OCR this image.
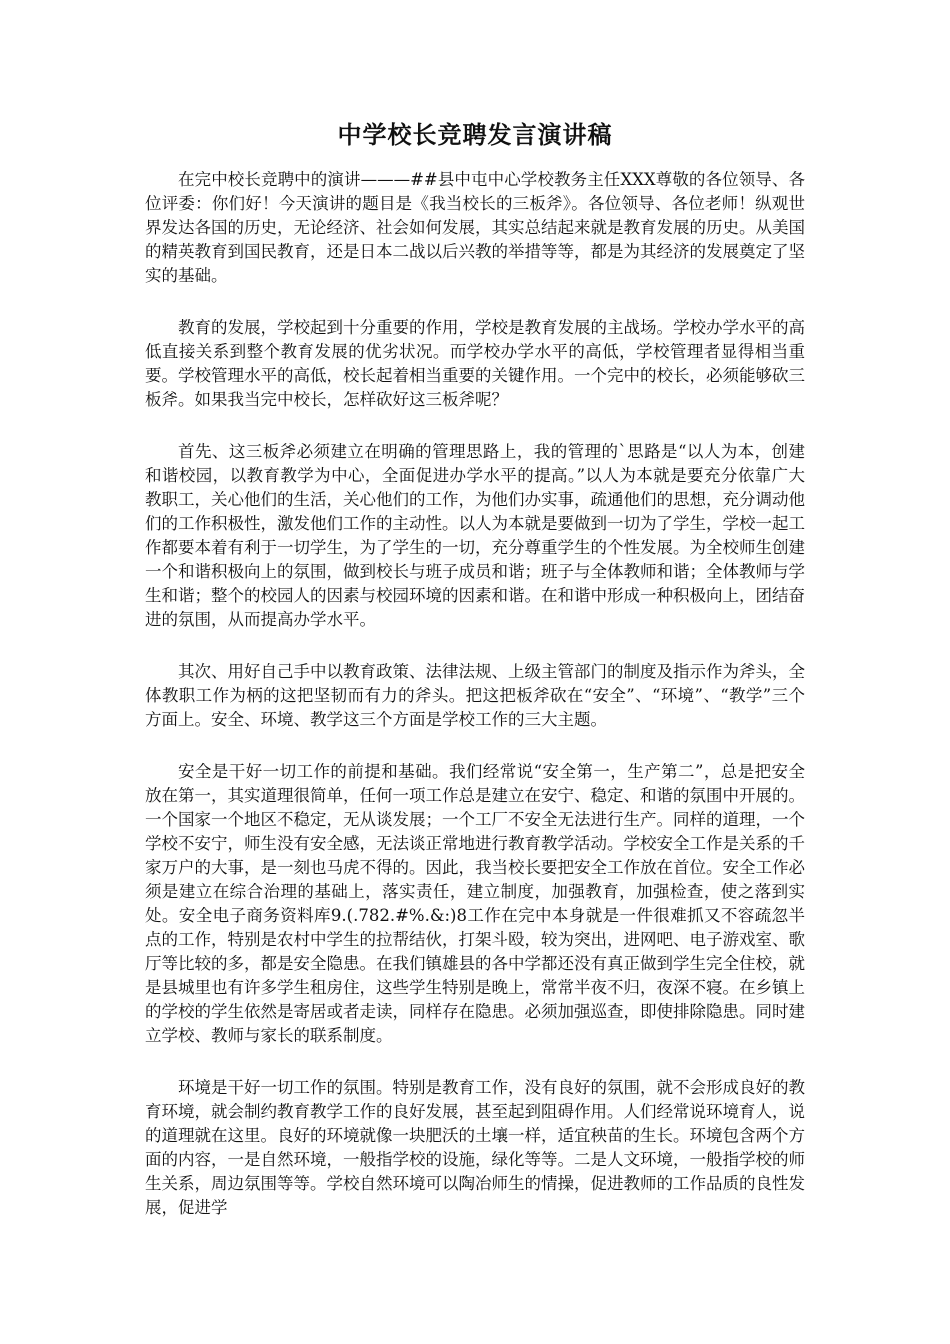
中学校长竞聘发言演讲稿

在完中校长竞聘中的演讲———##县中屯中心学校教务主任XXX尊敬的各位领导、各位评委：你们好！今天演讲的题目是《我当校长的三板斧》。各位领导、各位老师！纵观世界发达各国的历史，无论经济、社会如何发展，其实总结起来就是教育发展的历史。从美国的精英教育到国民教育，还是日本二战以后兴教的举措等等，都是为其经济的发展奠定了坚实的基础。

教育的发展，学校起到十分重要的作用，学校是教育发展的主战场。学校办学水平的高低直接关系到整个教育发展的优劣状况。而学校办学水平的高低，学校管理者显得相当重要。学校管理水平的高低，校长起着相当重要的关键作用。一个完中的校长，必须能够砍三板斧。如果我当完中校长，怎样砍好这三板斧呢？

首先、这三板斧必须建立在明确的管理思路上，我的管理的`思路是“以人为本，创建和谐校园，以教育教学为中心，全面促进办学水平的提高。”以人为本就是要充分依靠广大教职工，关心他们的生活，关心他们的工作，为他们办实事，疏通他们的思想，充分调动他们的工作积极性，激发他们工作的主动性。以人为本就是要做到一切为了学生，学校一起工作都要本着有利于一切学生，为了学生的一切，充分尊重学生的个性发展。为全校师生创建一个和谐积极向上的氛围，做到校长与班子成员和谐；班子与全体教师和谐；全体教师与学生和谐；整个的校园人的因素与校园环境的因素和谐。在和谐中形成一种积极向上，团结奋进的氛围，从而提高办学水平。

其次、用好自己手中以教育政策、法律法规、上级主管部门的制度及指示作为斧头，全体教职工作为柄的这把坚韧而有力的斧头。把这把板斧砍在“安全”、“环境”、“教学”三个方面上。安全、环境、教学这三个方面是学校工作的三大主题。

安全是干好一切工作的前提和基础。我们经常说“安全第一，生产第二”，总是把安全放在第一，其实道理很简单，任何一项工作总是建立在安宁、稳定、和谐的氛围中开展的。一个国家一个地区不稳定，无从谈发展；一个工厂不安全无法进行生产。同样的道理，一个学校不安宁，师生没有安全感，无法谈正常地进行教育教学活动。学校安全工作是关系的千家万户的大事，是一刻也马虎不得的。因此，我当校长要把安全工作放在首位。安全工作必须是建立在综合治理的基础上，落实责任，建立制度，加强教育，加强检查，使之落到实处。安全电子商务资料库9.(.782.#%.&:)8工作在完中本身就是一件很难抓又不容疏忽半点的工作，特别是农村中学生的拉帮结伙，打架斗殴，较为突出，进网吧、电子游戏室、歌厅等比较的多，都是安全隐患。在我们镇雄县的各中学都还没有真正做到学生完全住校，就是县城里也有许多学生租房住，这些学生特别是晚上，常常半夜不归，夜深不寝。在乡镇上的学校的学生依然是寄居或者走读，同样存在隐患。必须加强巡查，即使排除隐患。同时建立学校、教师与家长的联系制度。

环境是干好一切工作的氛围。特别是教育工作，没有良好的氛围，就不会形成良好的教育环境，就会制约教育教学工作的良好发展，甚至起到阻碍作用。人们经常说环境育人，说的道理就在这里。良好的环境就像一块肥沃的土壤一样，适宜秧苗的生长。环境包含两个方面的内容，一是自然环境，一般指学校的设施，绿化等等。二是人文环境，一般指学校的师生关系，周边氛围等等。学校自然环境可以陶冶师生的情操，促进教师的工作品质的良性发展，促进学
